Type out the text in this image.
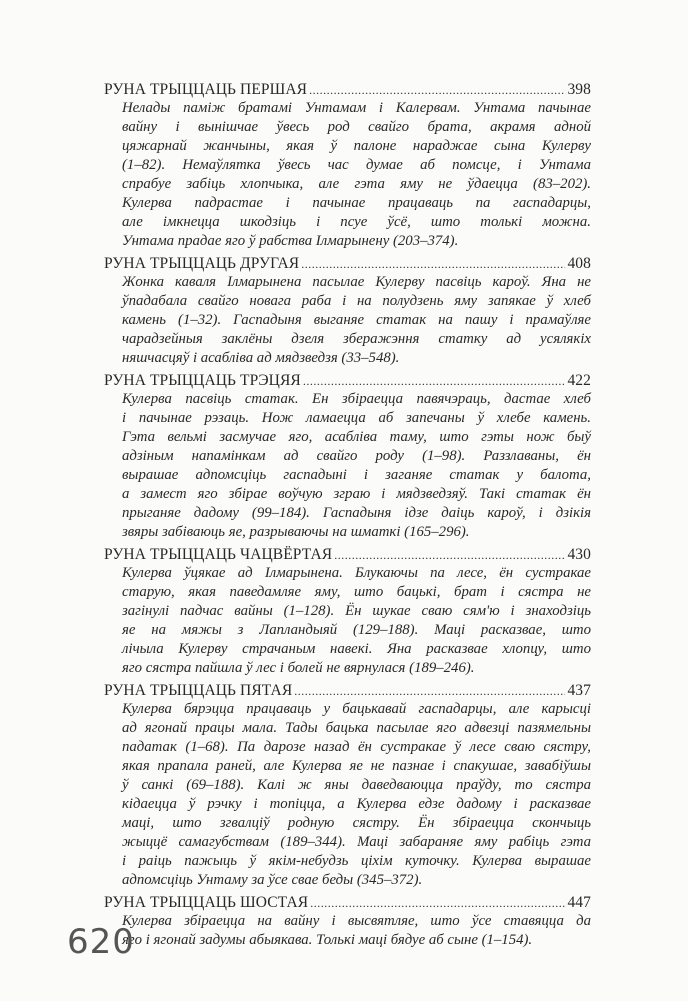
РУНА ТРЫЦЦАЦЬ ПЕРШАЯ .....	398
Нелады паміж братамі Унтамам і Калервам. Унтама пачынае
вайну і вынішчае ўвесь род свайго брата, акрамя адной
цяжарнай жанчыны, якая ў палоне нараджае сына Кулерву
(1–82). Немаўлятка ўвесь час думае аб помсце, і Унтама
спрабуе забіць хлопчыка, але гэта яму не ўдаецца (83–202).
Кулерва падрастае і пачынае працаваць па гаспадарцы,
але імкнецца шкодзіць і псуе ўсё, што толькі можна.
Унтама прадае яго ў рабства Ілмарынену (203–374).
РУНА ТРЫЦЦАЦЬ ДРУГАЯ .....	408
Жонка каваля Ілмарынена пасылае Кулерву пасвіць кароў. Яна не
ўпадабала свайго новага раба і на полудзень яму запякае ў хлеб
камень (1–32). Гаспадыня выганяе статак на пашу і прамаўляе
чарадзейныя заклёны дзеля зберажэння статку ад усялякіх
няшчасцяў і асабліва ад мядзведзя (33–548).
РУНА ТРЫЦЦАЦЬ ТРЭЦЯЯ .....	422
Кулерва пасвіць статак. Ен збіраецца павячэраць, дастае хлеб
і пачынае рэзаць. Нож ламаецца аб запечаны ў хлебе камень.
Гэта вельмі засмучае яго, асабліва таму, што гэты нож быў
адзіным напамінкам ад свайго роду (1–98). Раззлаваны, ён
вырашае адпомсціць гаспадыні і заганяе статак у балота,
а замест яго збірае воўчую зграю і мядзведзяў. Такі статак ён
прыганяе дадому (99–184). Гаспадыня ідзе даіць кароў, і дзікія
звяры забіваюць яе, разрываючы на шматкі (165–296).
РУНА ТРЫЦЦАЦЬ ЧАЦВЁРТАЯ .....	430
Кулерва ўцякае ад Ілмарынена. Блукаючы па лесе, ён сустракае
старую, якая паведамляе яму, што бацькі, брат і сястра не
загінулі падчас вайны (1–128). Ён шукае сваю сям'ю і знаходзіць
яе на мяжы з Лапландыяй (129–188). Маці расказвае, што
лічыла Кулерву страчаным навекі. Яна расказвае хлопцу, што
яго сястра пайшла ў лес і болей не вярнулася (189–246).
РУНА ТРЫЦЦАЦЬ ПЯТАЯ .....	437
Кулерва бярэцца працаваць у бацькавай гаспадарцы, але карысці
ад ягонай працы мала. Тады бацька пасылае яго адвезці пазямельны
падатак (1–68). Па дарозе назад ён сустракае ў лесе сваю сястру,
якая прапала раней, але Кулерва яе не пазнае і спакушае, завабіўшы
ў санкі (69–188). Калі ж яны даведваюцца праўду, то сястра
кідаецца ў рэчку і топіцца, а Кулерва едзе дадому і расказвае
маці, што згвалціў родную сястру. Ён збіраецца скончыць
жыццё самагубствам (189–344). Маці забараняе яму рабіць гэта
і раіць пажыць ў якім-небудзь ціхім куточку. Кулерва вырашае
адпомсціць Унтаму за ўсе свае беды (345–372).
РУНА ТРЫЦЦАЦЬ ШОСТАЯ .....	447
Кулерва збіраецца на вайну і высвятляе, што ўсе ставяцца да
яго і ягонай задумы абыякава. Толькі маці бядуе аб сыне (1–154).
620
